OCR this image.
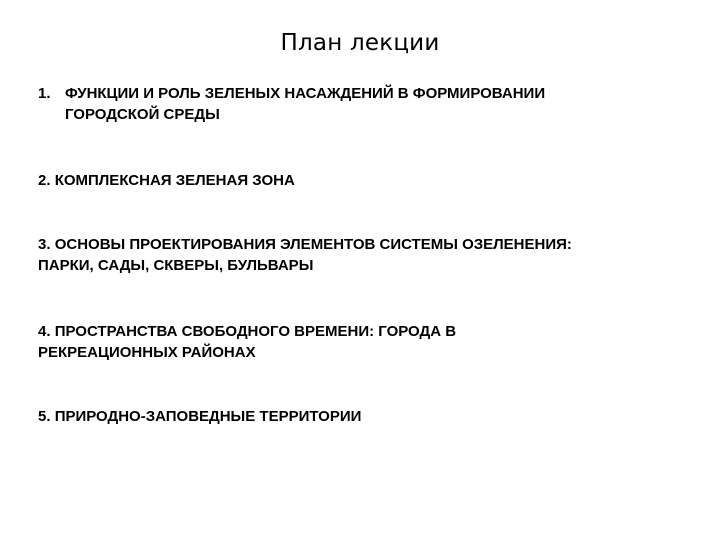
План лекции
1. ФУНКЦИИ И РОЛЬ ЗЕЛЕНЫХ НАСАЖДЕНИЙ В ФОРМИРОВАНИИ
ГОРОДСКОЙ СРЕДЫ
2. КОМПЛЕКСНАЯ ЗЕЛЕНАЯ ЗОНА
3. ОСНОВЫ ПРОЕКТИРОВАНИЯ ЭЛЕМЕНТОВ СИСТЕМЫ ОЗЕЛЕНЕНИЯ:
ПАРКИ, САДЫ, СКВЕРЫ, БУЛЬВАРЫ
4. ПРОСТРАНСТВА СВОБОДНОГО ВРЕМЕНИ: ГОРОДА В
РЕКРЕАЦИОННЫХ РАЙОНАХ
5. ПРИРОДНО-ЗАПОВЕДНЫЕ ТЕРРИТОРИИ
